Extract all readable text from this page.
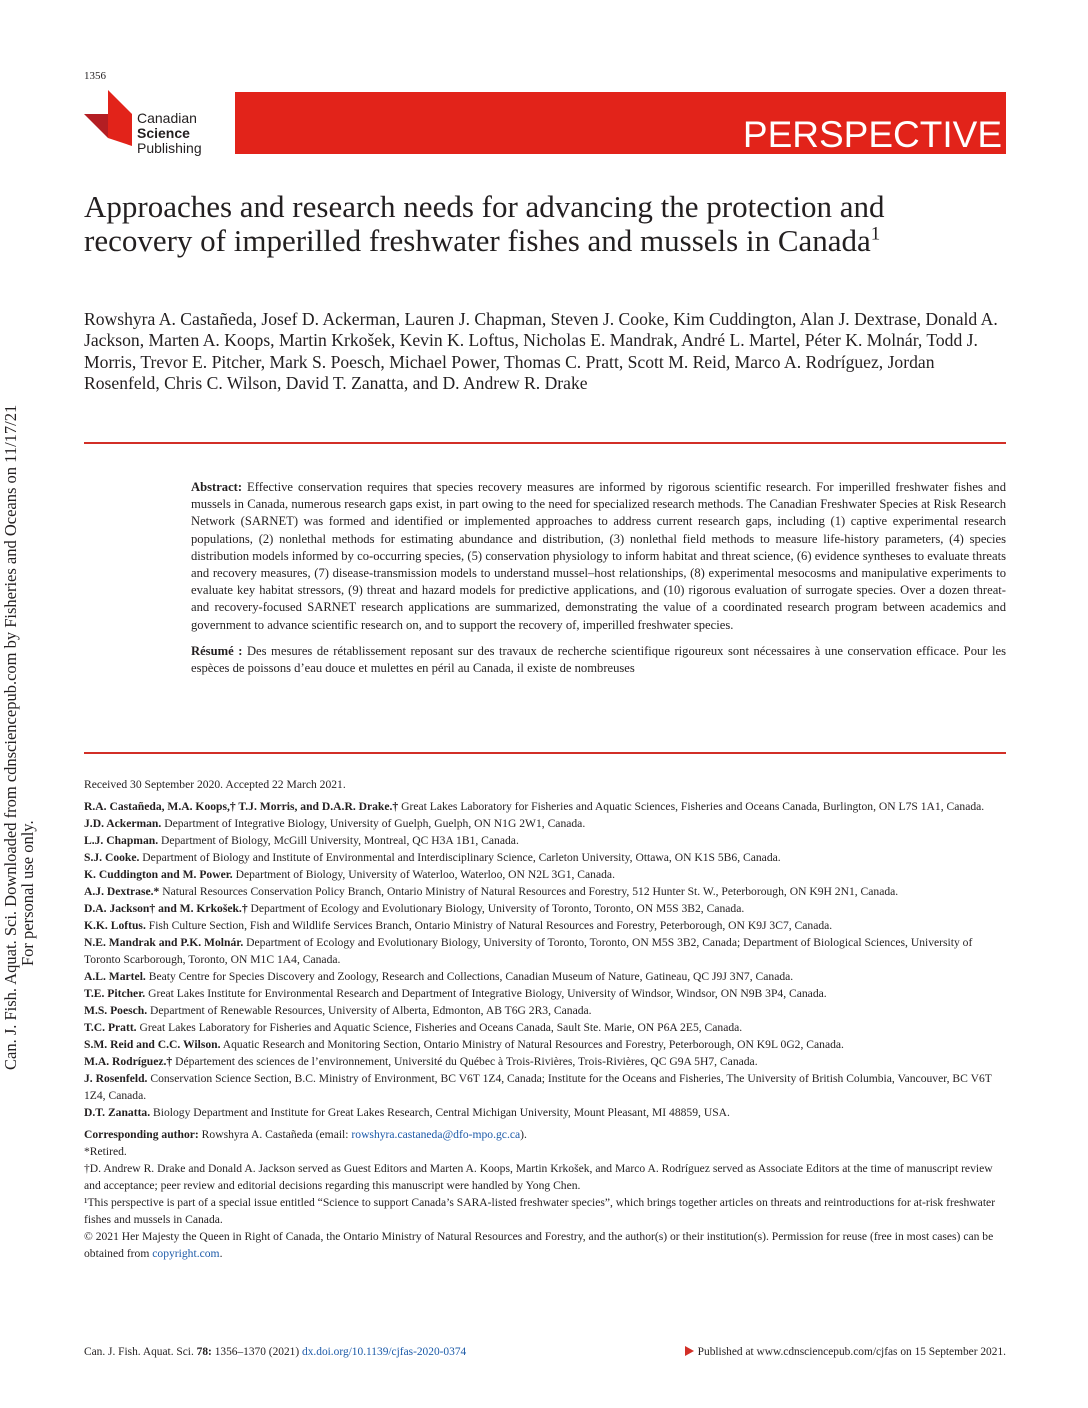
1356
Canadian
Science
Publishing	PERSPECTIVE
Approaches and research needs for advancing the protection and recovery of imperilled freshwater fishes and mussels in Canada$^1$
Rowshyra A. Castañeda, Josef D. Ackerman, Lauren J. Chapman, Steven J. Cooke, Kim Cuddington, Alan J. Dextrase, Donald A. Jackson, Marten A. Koops, Martin Krkošek, Kevin K. Loftus, Nicholas E. Mandrak, André L. Martel, Péter K. Molnár, Todd J. Morris, Trevor E. Pitcher, Mark S. Poesch, Michael Power, Thomas C. Pratt, Scott M. Reid, Marco A. Rodríguez, Jordan Rosenfeld, Chris C. Wilson, David T. Zanatta, and D. Andrew R. Drake

Abstract: Effective conservation requires that species recovery measures are informed by rigorous scientific research. For imperilled freshwater fishes and mussels in Canada, numerous research gaps exist, in part owing to the need for specialized research methods. The Canadian Freshwater Species at Risk Research Network (SARNET) was formed and identified or implemented approaches to address current research gaps, including (1) captive experimental research populations, (2) nonlethal methods for estimating abundance and distribution, (3) nonlethal field methods to measure life-history parameters, (4) species distribution models informed by co-occurring species, (5) conservation physiology to inform habitat and threat science, (6) evidence syntheses to evaluate threats and recovery measures, (7) disease-transmission models to understand mussel–host relationships, (8) experimental mesocosms and manipulative experiments to evaluate key habitat stressors, (9) threat and hazard models for predictive applications, and (10) rigorous evaluation of surrogate species. Over a dozen threat- and recovery-focused SARNET research applications are summarized, demonstrating the value of a coordinated research program between academics and government to advance scientific research on, and to support the recovery of, imperilled freshwater species.

Résumé : Des mesures de rétablissement reposant sur des travaux de recherche scientifique rigoureux sont nécessaires à une conservation efficace. Pour les espèces de poissons d’eau douce et mulettes en péril au Canada, il existe de nombreuses

Can. J. Fish. Aquat. Sci. Downloaded from cdnsciencepub.com by Fisheries and Oceans on 11/17/21
For personal use only.

Received 30 September 2020. Accepted 22 March 2021.

R.A. Castañeda, M.A. Koops,† T.J. Morris, and D.A.R. Drake.† Great Lakes Laboratory for Fisheries and Aquatic Sciences, Fisheries and Oceans Canada, Burlington, ON L7S 1A1, Canada.

J.D. Ackerman. Department of Integrative Biology, University of Guelph, Guelph, ON N1G 2W1, Canada.

L.J. Chapman. Department of Biology, McGill University, Montreal, QC H3A 1B1, Canada.

S.J. Cooke. Department of Biology and Institute of Environmental and Interdisciplinary Science, Carleton University, Ottawa, ON K1S 5B6, Canada.

K. Cuddington and M. Power. Department of Biology, University of Waterloo, Waterloo, ON N2L 3G1, Canada.

A.J. Dextrase.* Natural Resources Conservation Policy Branch, Ontario Ministry of Natural Resources and Forestry, 512 Hunter St. W., Peterborough, ON K9H 2N1, Canada.

D.A. Jackson† and M. Krkošek.† Department of Ecology and Evolutionary Biology, University of Toronto, Toronto, ON M5S 3B2, Canada.

K.K. Loftus. Fish Culture Section, Fish and Wildlife Services Branch, Ontario Ministry of Natural Resources and Forestry, Peterborough, ON K9J 3C7, Canada.

N.E. Mandrak and P.K. Molnár. Department of Ecology and Evolutionary Biology, University of Toronto, Toronto, ON M5S 3B2, Canada; Department of Biological Sciences, University of Toronto Scarborough, Toronto, ON M1C 1A4, Canada.

A.L. Martel. Beaty Centre for Species Discovery and Zoology, Research and Collections, Canadian Museum of Nature, Gatineau, QC J9J 3N7, Canada.

T.E. Pitcher. Great Lakes Institute for Environmental Research and Department of Integrative Biology, University of Windsor, Windsor, ON N9B 3P4, Canada.

M.S. Poesch. Department of Renewable Resources, University of Alberta, Edmonton, AB T6G 2R3, Canada.

T.C. Pratt. Great Lakes Laboratory for Fisheries and Aquatic Science, Fisheries and Oceans Canada, Sault Ste. Marie, ON P6A 2E5, Canada.

S.M. Reid and C.C. Wilson. Aquatic Research and Monitoring Section, Ontario Ministry of Natural Resources and Forestry, Peterborough, ON K9L 0G2, Canada.

M.A. Rodríguez.† Département des sciences de l’environnement, Université du Québec à Trois-Rivières, Trois-Rivières, QC G9A 5H7, Canada.

J. Rosenfeld. Conservation Science Section, B.C. Ministry of Environment, BC V6T 1Z4, Canada; Institute for the Oceans and Fisheries, The University of British Columbia, Vancouver, BC V6T 1Z4, Canada.

D.T. Zanatta. Biology Department and Institute for Great Lakes Research, Central Michigan University, Mount Pleasant, MI 48859, USA.

Corresponding author: Rowshyra A. Castañeda (email: rowshyra.castaneda@dfo-mpo.gc.ca).

*Retired.

†D. Andrew R. Drake and Donald A. Jackson served as Guest Editors and Marten A. Koops, Martin Krkošek, and Marco A. Rodríguez served as Associate Editors at the time of manuscript review and acceptance; peer review and editorial decisions regarding this manuscript were handled by Yong Chen.

¹This perspective is part of a special issue entitled “Science to support Canada’s SARA-listed freshwater species”, which brings together articles on threats and reintroductions for at-risk freshwater fishes and mussels in Canada.

© 2021 Her Majesty the Queen in Right of Canada, the Ontario Ministry of Natural Resources and Forestry, and the author(s) or their institution(s). Permission for reuse (free in most cases) can be obtained from copyright.com.

Can. J. Fish. Aquat. Sci. 78: 1356–1370 (2021) dx.doi.org/10.1139/cjfas-2020-0374	Published at www.cdnsciencepub.com/cjfas on 15 September 2021.
